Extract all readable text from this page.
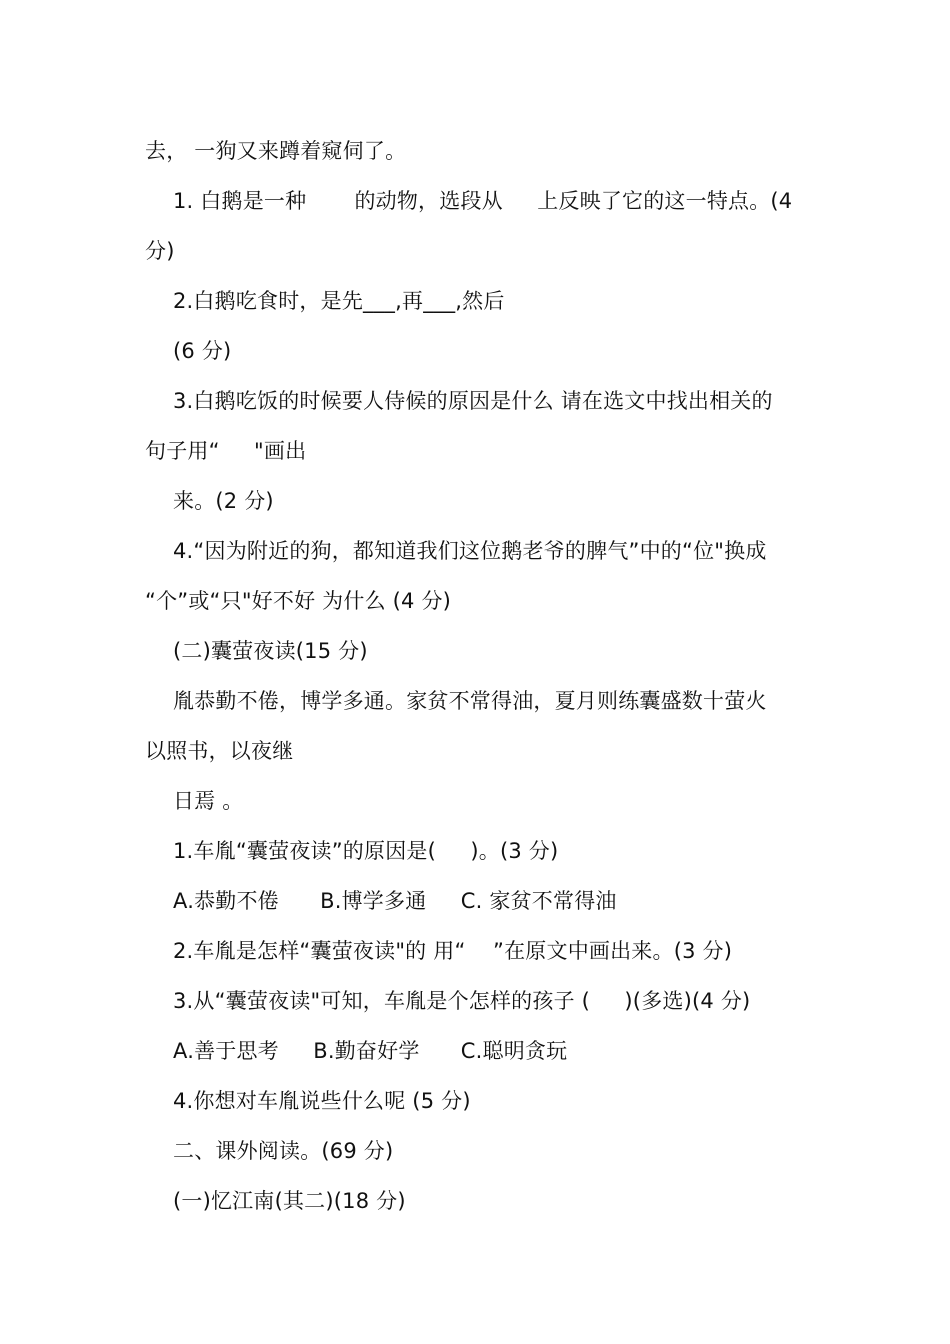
去， 一狗又来蹲着窥伺了。
1. 白鹅是一种       的动物，选段从     上反映了它的这一特点。(4
分)
2.白鹅吃食时，是先___,再___,然后
(6 分)
3.白鹅吃饭的时候要人侍候的原因是什么 请在选文中找出相关的
句子用“     "画出
来。(2 分)
4.“因为附近的狗，都知道我们这位鹅老爷的脾气”中的“位"换成
“个”或“只"好不好 为什么 (4 分)
(二)囊萤夜读(15 分)
胤恭勤不倦，博学多通。家贫不常得油，夏月则练囊盛数十萤火
以照书，以夜继
日焉 。
1.车胤“囊萤夜读”的原因是(     )。(3 分)
A.恭勤不倦      B.博学多通     C. 家贫不常得油
2.车胤是怎样“囊萤夜读"的 用“    ”在原文中画出来。(3 分)
3.从“囊萤夜读"可知，车胤是个怎样的孩子 (     )(多选)(4 分)
A.善于思考     B.勤奋好学      C.聪明贪玩
4.你想对车胤说些什么呢 (5 分)
二、课外阅读。(69 分)
(一)忆江南(其二)(18 分)
